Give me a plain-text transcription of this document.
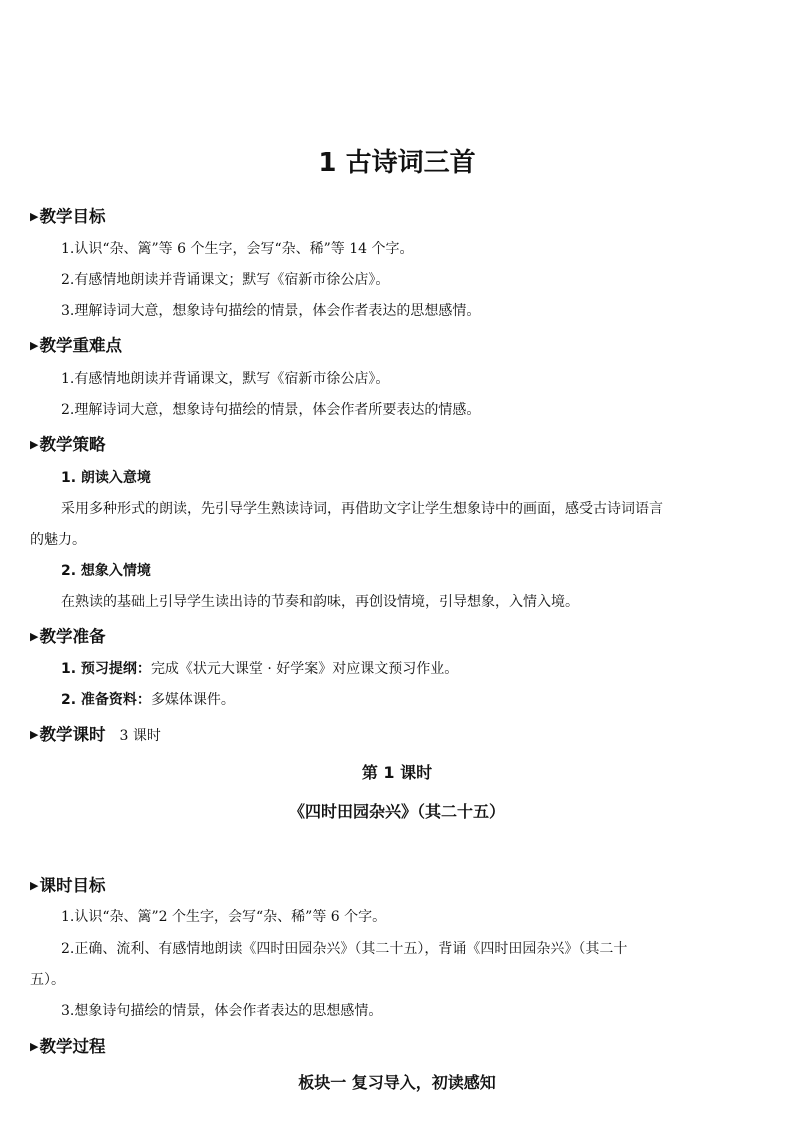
1 古诗词三首
▶教学目标
1.认识“杂、篱”等 6 个生字，会写“杂、稀”等 14 个字。
2.有感情地朗读并背诵课文；默写《宿新市徐公店》。
3.理解诗词大意，想象诗句描绘的情景，体会作者表达的思想感情。
▶教学重难点
1.有感情地朗读并背诵课文，默写《宿新市徐公店》。
2.理解诗词大意，想象诗句描绘的情景，体会作者所要表达的情感。
▶教学策略
1. 朗读入意境
采用多种形式的朗读，先引导学生熟读诗词，再借助文字让学生想象诗中的画面，感受古诗词语言
的魅力。
2. 想象入情境
在熟读的基础上引导学生读出诗的节奏和韵味，再创设情境，引导想象，入情入境。
▶教学准备
1. 预习提纲：完成《状元大课堂 · 好学案》对应课文预习作业。
2. 准备资料：多媒体课件。
▶教学课时 3 课时
第 1 课时
《四时田园杂兴》（其二十五）
▶课时目标
1.认识“杂、篱”2 个生字，会写“杂、稀”等 6 个字。
2.正确、流利、有感情地朗读《四时田园杂兴》（其二十五），背诵《四时田园杂兴》（其二十
五）。
3.想象诗句描绘的情景，体会作者表达的思想感情。
▶教学过程
板块一 复习导入，初读感知
